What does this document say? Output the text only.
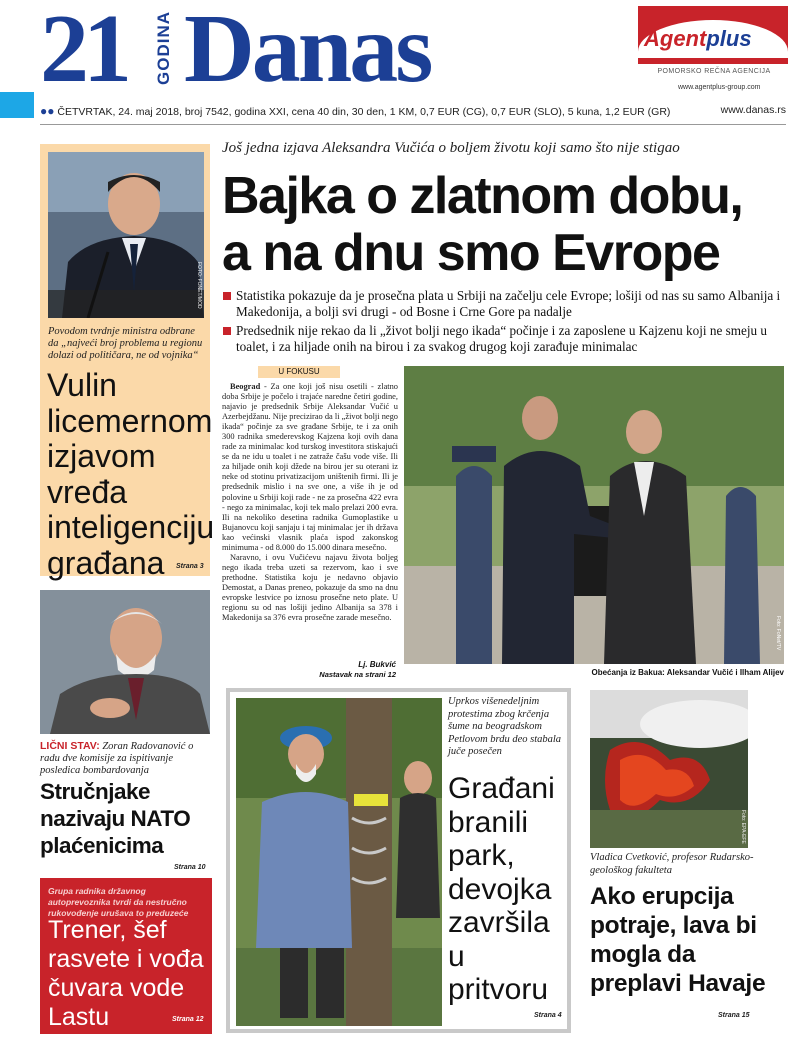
21 GODINA Danas	Agentplus
POMORSKO REČNA AGENCIJA
www.agentplus-group.com
●● ČETVRTAK, 24. maj 2018, broj 7542, godina XXI, cena 40 din, 30 den, 1 KM, 0,7 EUR (CG), 0,7 EUR (SLO), 5 kuna, 1,2 EUR (GR)	www.danas.rs
FOTO: FONET/MOD
Povodom tvrdnje ministra odbrane da „najveći broj problema u regionu dolazi od političara, ne od vojnika“
Vulin licemernom izjavom vređa inteligenciju građana	Strana 3
LIČNI STAV: Zoran Radovanović o radu dve komisije za ispitivanje posledica bombardovanja
Stručnjake nazivaju NATO plaćenicima
Strana 10
Grupa radnika državnog autoprevoznika tvrdi da nestručno rukovođenje urušava to preduzeće
Trener, šef rasvete i vođa čuvara vode Lastu	Strana 12
Još jedna izjava Aleksandra Vučića o boljem životu koji samo što nije stigao
Bajka o zlatnom dobu, a na dnu smo Evrope
Statistika pokazuje da je prosečna plata u Srbiji na začelju cele Evrope; lošiji od nas su samo Albanija i Makedonija, a bolji svi drugi - od Bosne i Crne Gore pa nadalje
Predsednik nije rekao da li „život bolji nego ikada“ počinje i za zaposlene u Kajzenu koji ne smeju u toalet, i za hiljade onih na birou i za svakog drugog koji zarađuje minimalac
U FOKUSU

Beograd - Za one koji još nisu osetili - zlatno doba Srbije je počelo i trajaće naredne četiri godine, najavio je predsednik Srbije Aleksandar Vučić u Azerbejdžanu. Nije precizirao da li „život bolji nego ikada“ počinje za sve građane Srbije, te i za onih 300 radnika smederevskog Kajzena koji ovih dana rade za minimalac kod turskog investitora stiskajući se da ne idu u toalet i ne zatraže čašu vode više. Ili za hiljade onih koji džede na birou jer su oterani iz neke od stotinu privatizacijom uništenih firmi. Ili je predsednik mislio i na sve one, a više ih je od polovine u Srbiji koji rade - ne za prosečna 422 evra - nego za minimalac, koji tek malo prelazi 200 evra. Ili na nekoliko desetina radnika Gumoplastike u Bujanovcu koji sanjaju i taj minimalac jer ih država kao većinski vlasnik plaća ispod zakonskog minimuma - od 8.000 do 15.000 dinara mesečno.

Naravno, i ovu Vučićevu najavu života boljeg nego ikada treba uzeti sa rezervom, kao i sve prethodne. Statistika koju je nedavno objavio Demostat, a Danas preneo, pokazuje da smo na dnu evropske lestvice po iznosu prosečne neto plate. U regionu su od nas lošiji jedino Albanija sa 378 i Makedonija sa 376 evra prosečne zarade mesečno.

Lj. Bukvić
Nastavak na strani 12
Foto: FoNet/TV
Obećanja iz Bakua: Aleksandar Vučić i Ilham Alijev
Uprkos višenedeljnim protestima zbog krčenja šume na beogradskom Petlovom brdu deo stabala juče posečen
Građani branili park, devojka završila u pritvoru
Strana 4
Foto: EPA-EFE
Vladica Cvetković, profesor Rudarsko-geološkog fakulteta
Ako erupcija potraje, lava bi mogla da preplavi Havaje
Strana 15
